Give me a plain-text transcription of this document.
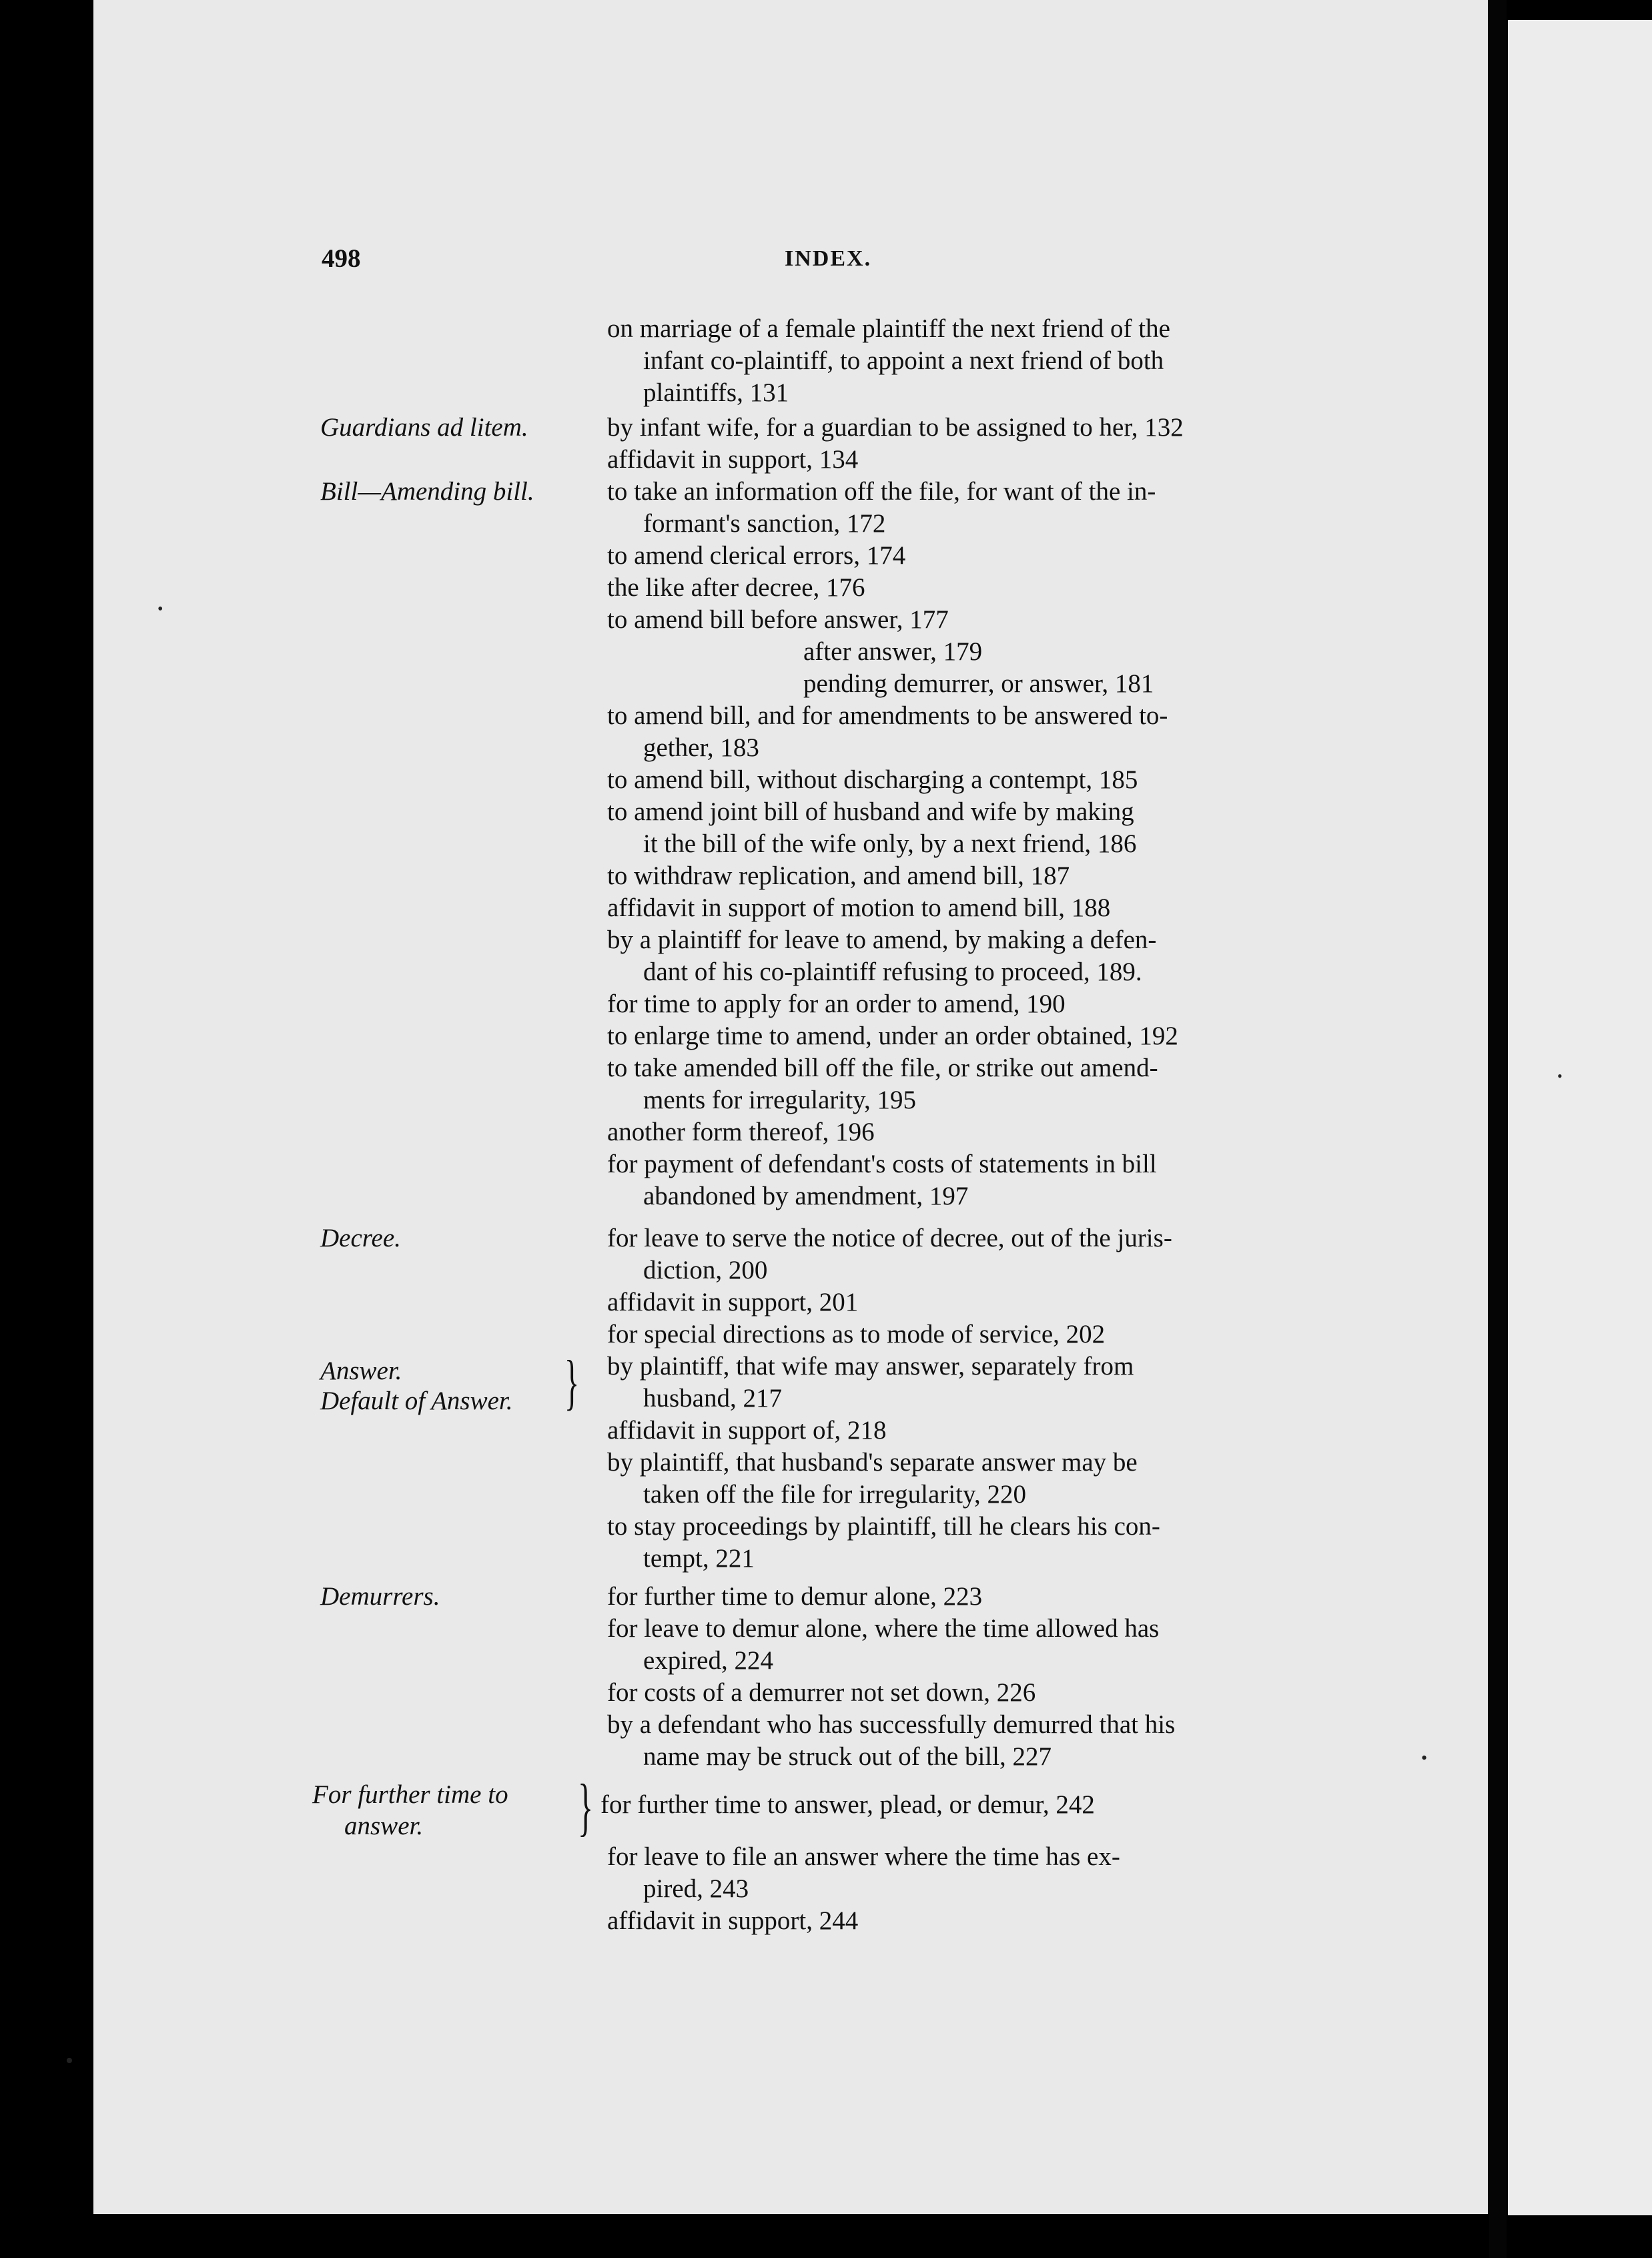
498	INDEX.
Guardians ad litem.
Bill—Amending bill.
Decree.
Answer.
Default of Answer. }
Demurrers.
For further time to
answer. }
on marriage of a female plaintiff the next friend of the
infant co-plaintiff, to appoint a next friend of both
plaintiffs, 131
by infant wife, for a guardian to be assigned to her, 132
affidavit in support, 134
to take an information off the file, for want of the in-
formant's sanction, 172
to amend clerical errors, 174
the like after decree, 176
to amend bill before answer, 177
after answer, 179
pending demurrer, or answer, 181
to amend bill, and for amendments to be answered to-
gether, 183
to amend bill, without discharging a contempt, 185
to amend joint bill of husband and wife by making
it the bill of the wife only, by a next friend, 186
to withdraw replication, and amend bill, 187
affidavit in support of motion to amend bill, 188
by a plaintiff for leave to amend, by making a defen-
dant of his co-plaintiff refusing to proceed, 189.
for time to apply for an order to amend, 190
to enlarge time to amend, under an order obtained, 192
to take amended bill off the file, or strike out amend-
ments for irregularity, 195
another form thereof, 196
for payment of defendant's costs of statements in bill
abandoned by amendment, 197
for leave to serve the notice of decree, out of the juris-
diction, 200
affidavit in support, 201
for special directions as to mode of service, 202
by plaintiff, that wife may answer, separately from
husband, 217
affidavit in support of, 218
by plaintiff, that husband's separate answer may be
taken off the file for irregularity, 220
to stay proceedings by plaintiff, till he clears his con-
tempt, 221
for further time to demur alone, 223
for leave to demur alone, where the time allowed has
expired, 224
for costs of a demurrer not set down, 226
by a defendant who has successfully demurred that his
name may be struck out of the bill, 227
for further time to answer, plead, or demur, 242
for leave to file an answer where the time has ex-
pired, 243
affidavit in support, 244
•
•
•
•
